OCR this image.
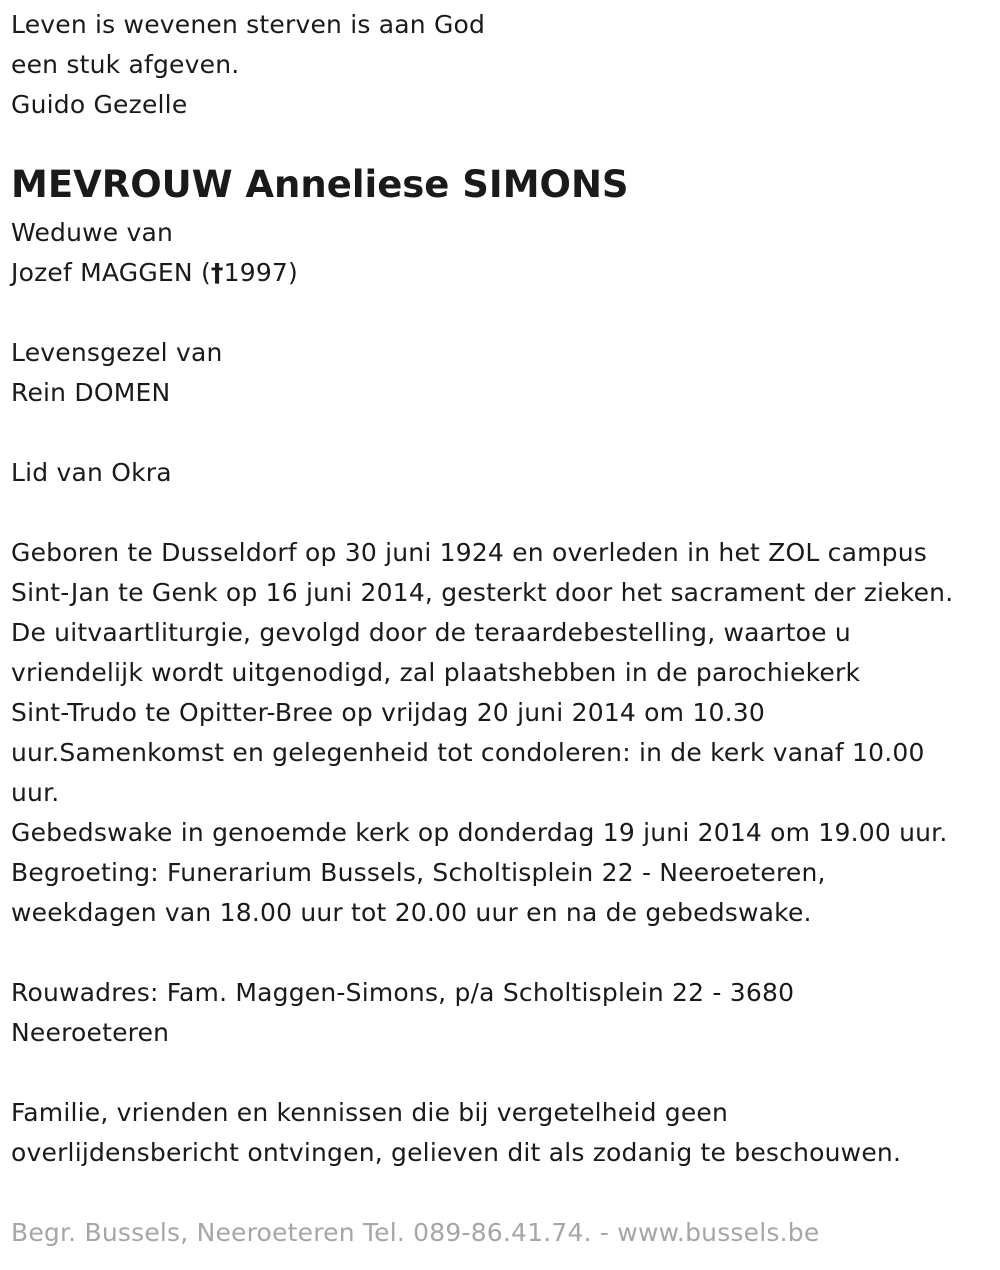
Leven is wevenen sterven is aan God
een stuk afgeven.
Guido Gezelle
MEVROUW Anneliese SIMONS
Weduwe van
Jozef MAGGEN (†1997)
Levensgezel van
Rein DOMEN
Lid van Okra
Geboren te Dusseldorf op 30 juni 1924 en overleden in het ZOL campus
Sint-Jan te Genk op 16 juni 2014, gesterkt door het sacrament der zieken.
De uitvaartliturgie, gevolgd door de teraardebestelling, waartoe u
vriendelijk wordt uitgenodigd, zal plaatshebben in de parochiekerk
Sint-Trudo te Opitter-Bree op vrijdag 20 juni 2014 om 10.30
uur.Samenkomst en gelegenheid tot condoleren: in de kerk vanaf 10.00
uur.
Gebedswake in genoemde kerk op donderdag 19 juni 2014 om 19.00 uur.
Begroeting: Funerarium Bussels, Scholtisplein 22 - Neeroeteren,
weekdagen van 18.00 uur tot 20.00 uur en na de gebedswake.
Rouwadres: Fam. Maggen-Simons, p/a Scholtisplein 22 - 3680
Neeroeteren
Familie, vrienden en kennissen die bij vergetelheid geen
overlijdensbericht ontvingen, gelieven dit als zodanig te beschouwen.
Begr. Bussels, Neeroeteren Tel. 089-86.41.74. - www.bussels.be
